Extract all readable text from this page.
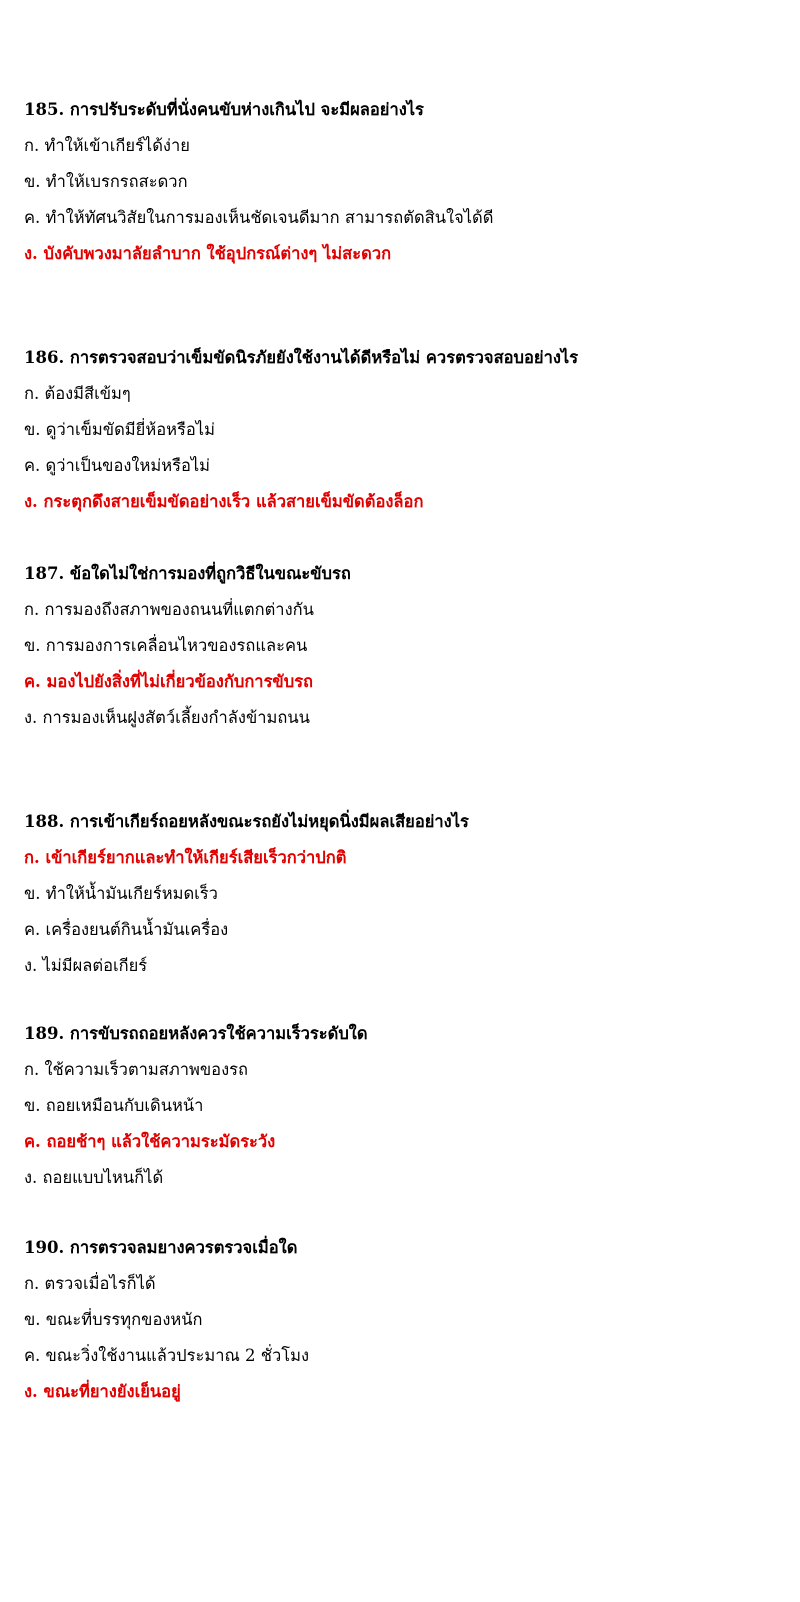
185. การปรับระดับที่นั่งคนขับห่างเกินไป จะมีผลอย่างไร
ก. ทำให้เข้าเกียร์ได้ง่าย
ข. ทำให้เบรกรถสะดวก
ค. ทำให้ทัศนวิสัยในการมองเห็นชัดเจนดีมาก สามารถตัดสินใจได้ดี
ง. บังคับพวงมาลัยลำบาก ใช้อุปกรณ์ต่างๆ ไม่สะดวก
186. การตรวจสอบว่าเข็มขัดนิรภัยยังใช้งานได้ดีหรือไม่ ควรตรวจสอบอย่างไร
ก. ต้องมีสีเข้มๆ
ข. ดูว่าเข็มขัดมียี่ห้อหรือไม่
ค. ดูว่าเป็นของใหม่หรือไม่
ง. กระตุกดึงสายเข็มขัดอย่างเร็ว แล้วสายเข็มขัดต้องล็อก
187. ข้อใดไม่ใช่การมองที่ถูกวิธีในขณะขับรถ
ก. การมองถึงสภาพของถนนที่แตกต่างกัน
ข. การมองการเคลื่อนไหวของรถและคน
ค. มองไปยังสิ่งที่ไม่เกี่ยวข้องกับการขับรถ
ง. การมองเห็นฝูงสัตว์เลี้ยงกำลังข้ามถนน
188. การเข้าเกียร์ถอยหลังขณะรถยังไม่หยุดนิ่งมีผลเสียอย่างไร
ก. เข้าเกียร์ยากและทำให้เกียร์เสียเร็วกว่าปกติ
ข. ทำให้น้ำมันเกียร์หมดเร็ว
ค. เครื่องยนต์กินน้ำมันเครื่อง
ง. ไม่มีผลต่อเกียร์
189. การขับรถถอยหลังควรใช้ความเร็วระดับใด
ก. ใช้ความเร็วตามสภาพของรถ
ข. ถอยเหมือนกับเดินหน้า
ค. ถอยช้าๆ แล้วใช้ความระมัดระวัง
ง. ถอยแบบไหนก็ได้
190. การตรวจลมยางควรตรวจเมื่อใด
ก. ตรวจเมื่อไรก็ได้
ข. ขณะที่บรรทุกของหนัก
ค. ขณะวิ่งใช้งานแล้วประมาณ 2 ชั่วโมง
ง. ขณะที่ยางยังเย็นอยู่
